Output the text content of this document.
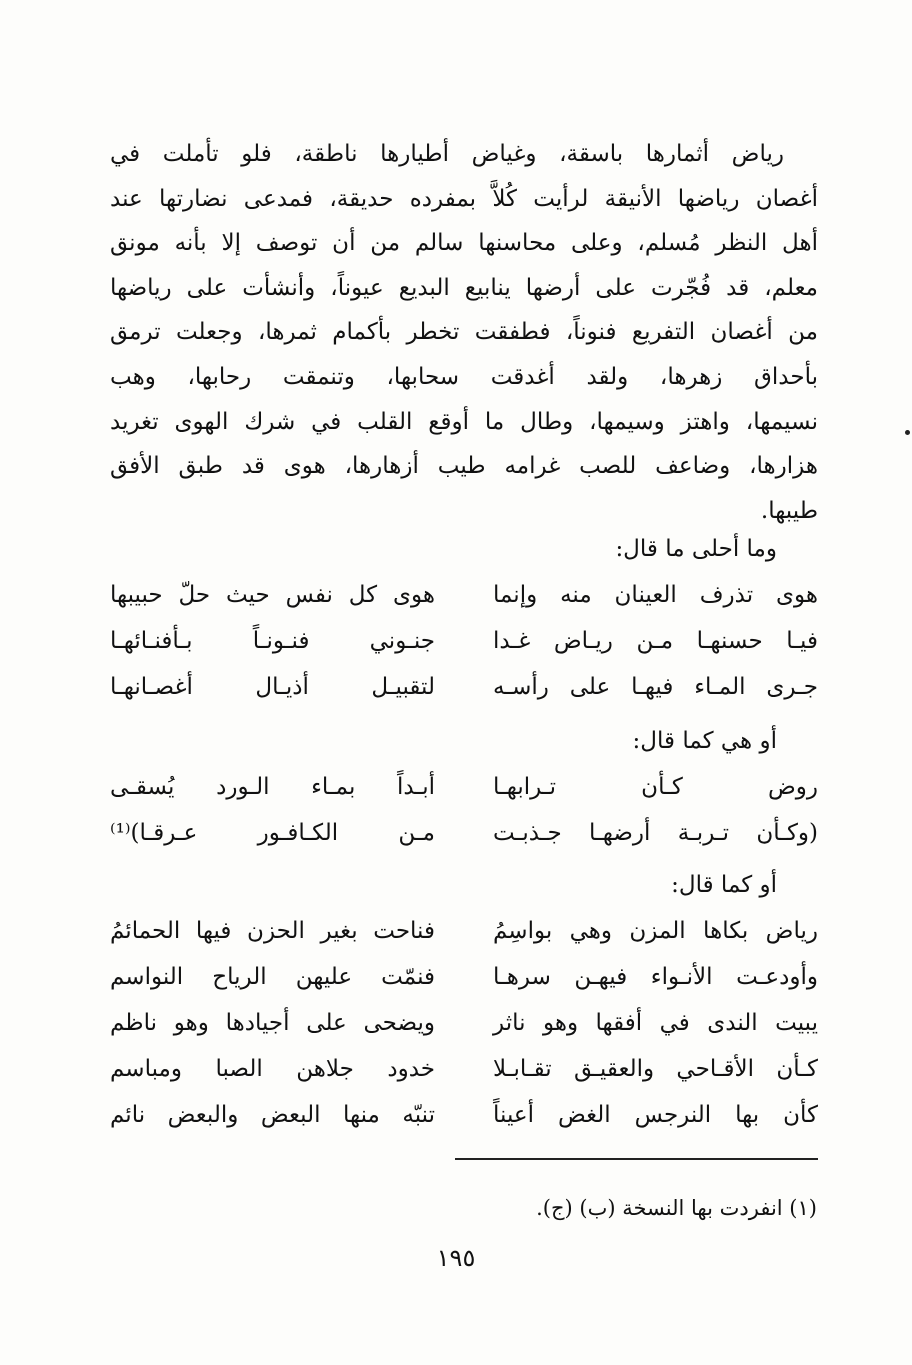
رياض أثمارها باسقة، وغياض أطيارها ناطقة، فلو تأملت في
أغصان رياضها الأنيقة لرأيت كُلاَّ بمفرده حديقة، فمدعى نضارتها عند
أهل النظر مُسلم، وعلى محاسنها سالم من أن توصف إلا بأنه مونق
معلم، قد فُجّرت على أرضها ينابيع البديع عيوناً، وأنشأت على رياضها
من أغصان التفريع فنوناً، فطفقت تخطر بأكمام ثمرها، وجعلت ترمق
بأحداق زهرها، ولقد أغدقت سحابها، وتنمقت رحابها، وهب
نسيمها، واهتز وسيمها، وطال ما أوقع القلب في شرك الهوى تغريد
هزارها، وضاعف للصب غرامه طيب أزهارها، هوى قد طبق الأفق
طيبها.
وما أحلى ما قال:
هوى تذرف العينان منه وإنما
هوى كل نفس حيث حلّ حبيبها
فيـا حسنهـا مـن ريـاض غـدا
جنـوني فنـونـاً بـأفنـائهـا
جـرى المـاء فيهـا على رأسـه
لتقبيـل أذيـال أغصـانهـا
أو هي كما قال:
روض كـأن تـرابهـا
أبـداً بمـاء الـورد يُسقـى
(وكـأن تـربـة أرضهـا جـذبـت
مـن الكـافـور عـرقـا)⁽¹⁾
أو كما قال:
رياض بكاها المزن وهي بواسِمُ
فناحت بغير الحزن فيها الحمائمُ
وأودعـت الأنـواء فيهـن سرهـا
فنمّت عليهن الرياح النواسم
يبيت الندى في أفقها وهو ناثر
ويضحى على أجيادها وهو ناظم
كـأن الأقـاحي والعقيـق تقـابـلا
خدود جلاهن الصبا ومباسم
كأن بها النرجس الغض أعيناً
تنبّه منها البعض والبعض نائم
(١) انفردت بها النسخة (ب) (ج).
١٩٥
